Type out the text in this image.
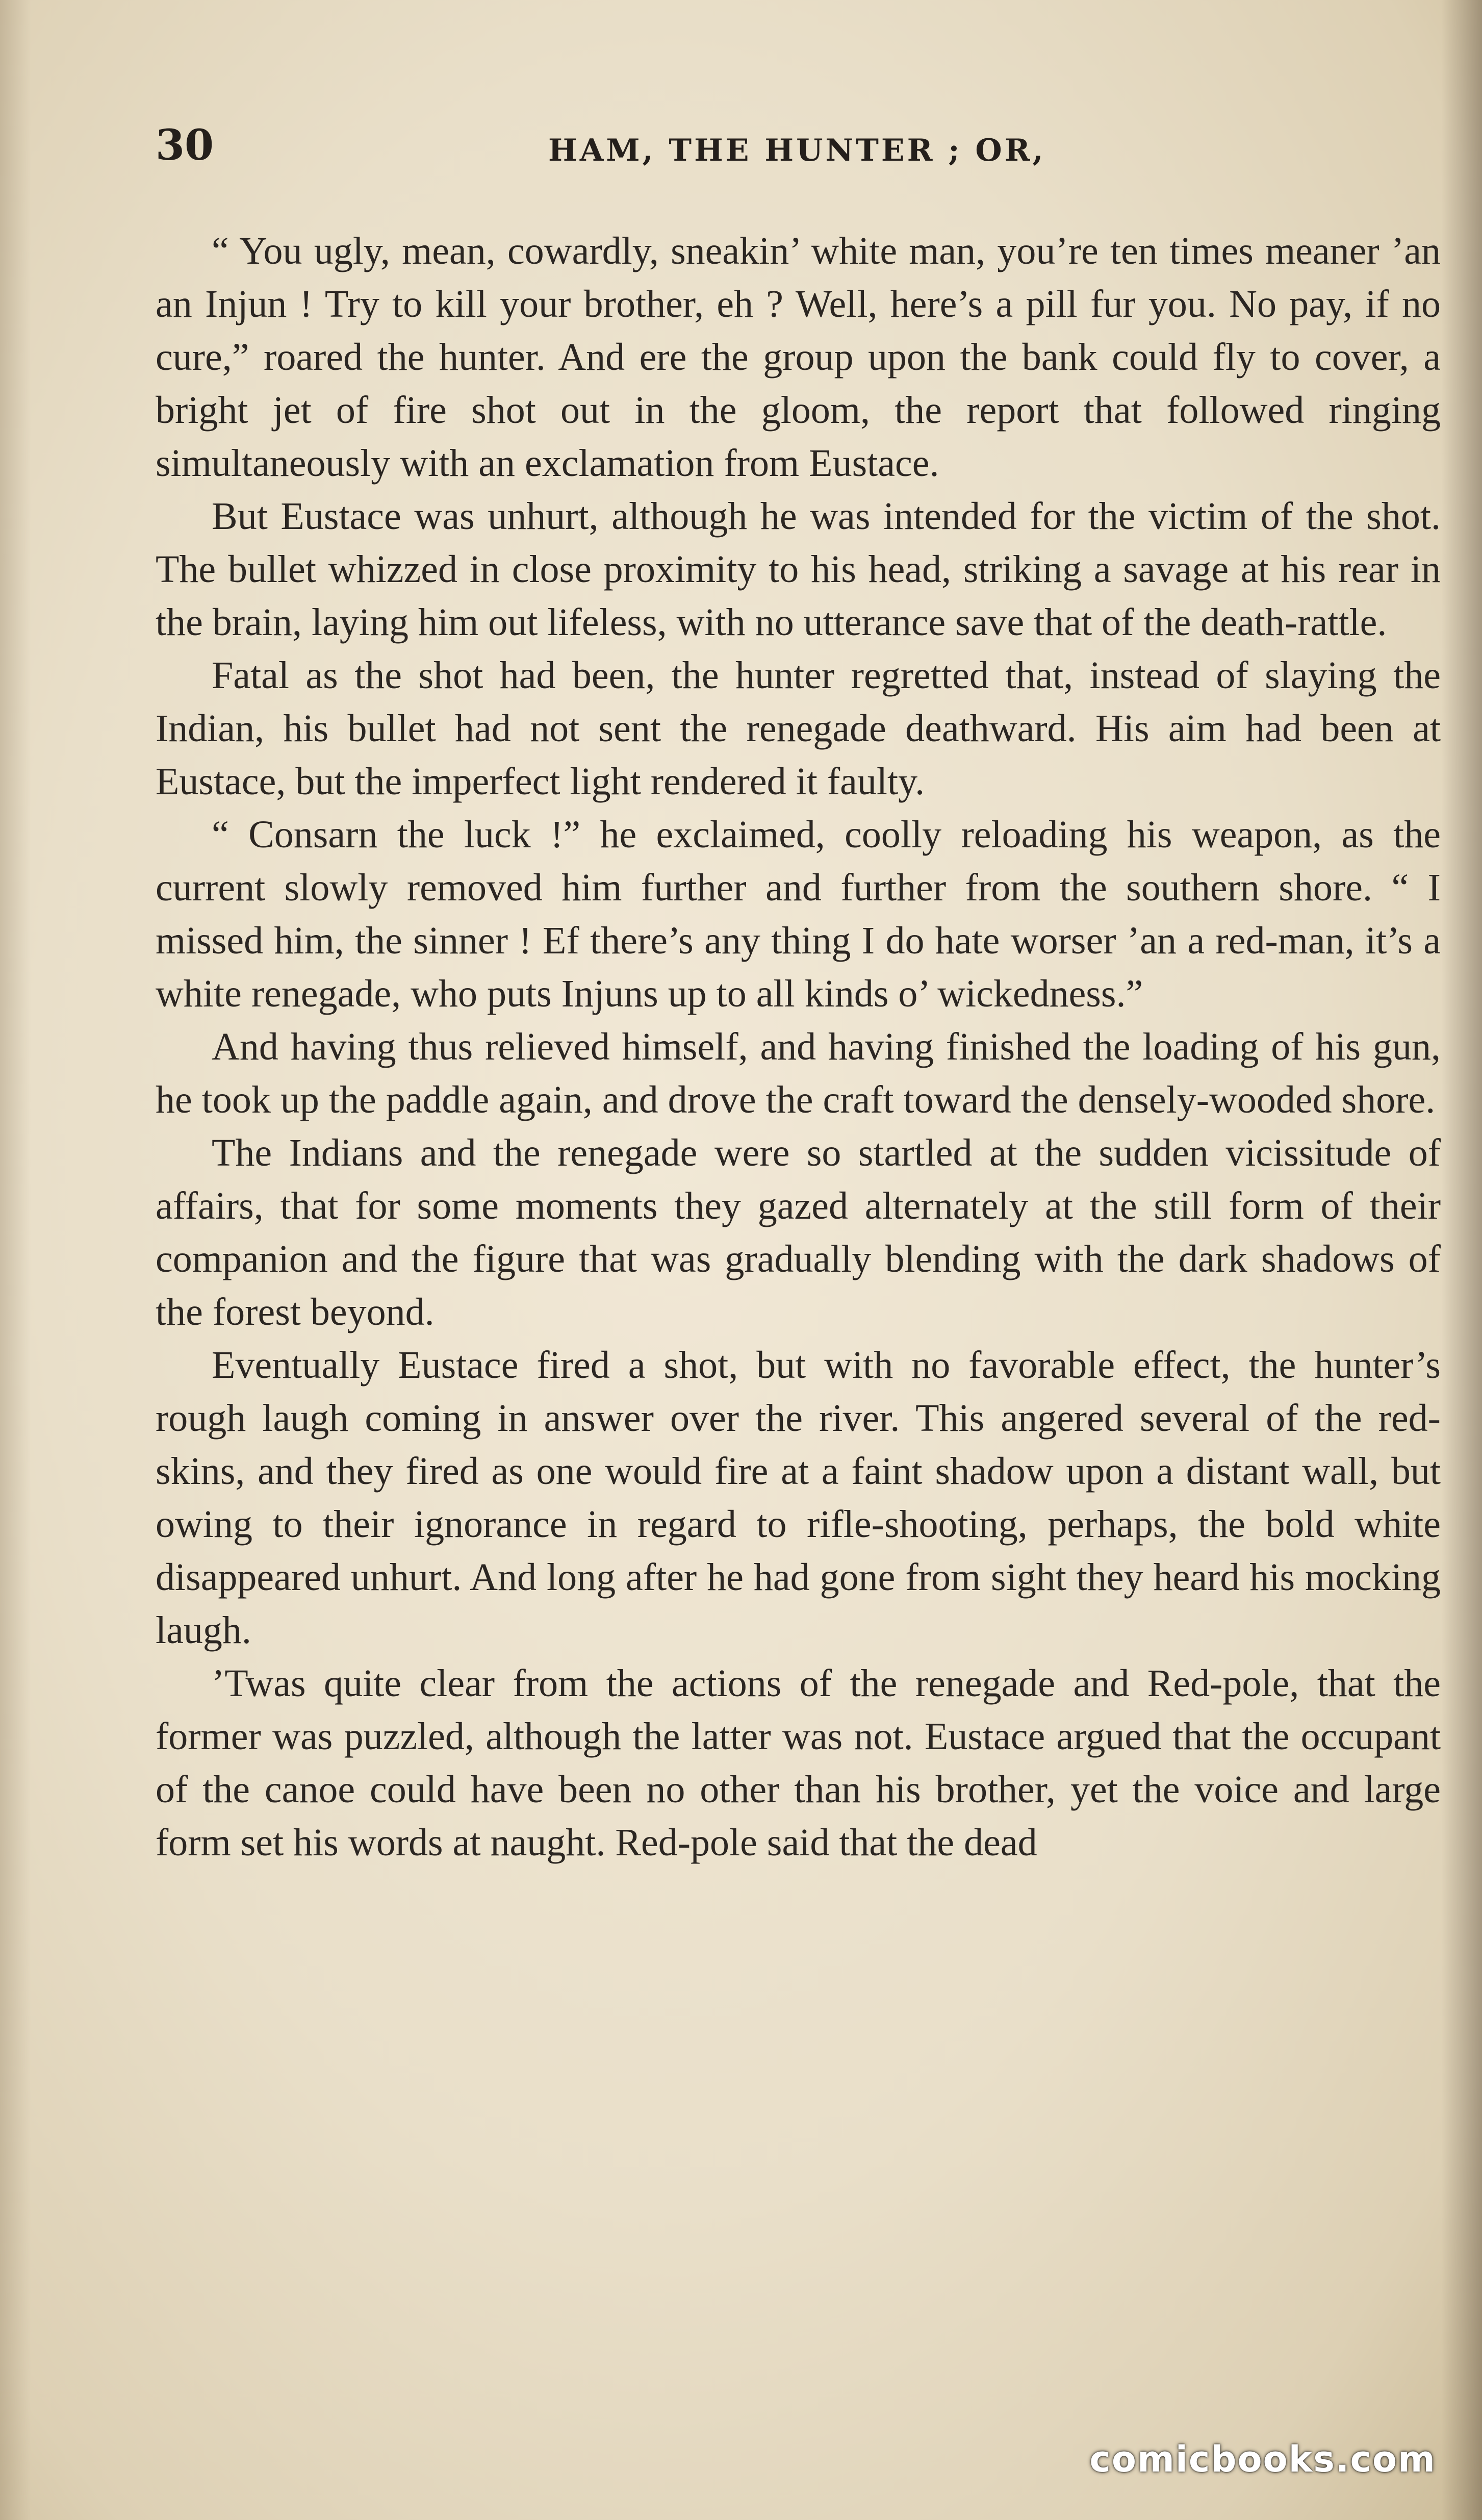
30	HAM, THE HUNTER ; OR,

“ You ugly, mean, cowardly, sneakin’ white man, you’re ten times meaner ’an an Injun ! Try to kill your brother, eh ? Well, here’s a pill fur you. No pay, if no cure,” roared the hunter. And ere the group upon the bank could fly to cover, a bright jet of fire shot out in the gloom, the report that followed ringing simultaneously with an exclamation from Eustace.

But Eustace was unhurt, although he was intended for the victim of the shot. The bullet whizzed in close proximity to his head, striking a savage at his rear in the brain, laying him out lifeless, with no utterance save that of the death-rattle.

Fatal as the shot had been, the hunter regretted that, instead of slaying the Indian, his bullet had not sent the renegade deathward. His aim had been at Eustace, but the imperfect light rendered it faulty.

“ Consarn the luck !” he exclaimed, coolly reloading his weapon, as the current slowly removed him further and further from the southern shore. “ I missed him, the sinner ! Ef there’s any thing I do hate worser ’an a red-man, it’s a white renegade, who puts Injuns up to all kinds o’ wickedness.”

And having thus relieved himself, and having finished the loading of his gun, he took up the paddle again, and drove the craft toward the densely-wooded shore.

The Indians and the renegade were so startled at the sudden vicissitude of affairs, that for some moments they gazed alternately at the still form of their companion and the figure that was gradually blending with the dark shadows of the forest beyond.

Eventually Eustace fired a shot, but with no favorable effect, the hunter’s rough laugh coming in answer over the river. This angered several of the red-skins, and they fired as one would fire at a faint shadow upon a distant wall, but owing to their ignorance in regard to rifle-shooting, perhaps, the bold white disappeared unhurt. And long after he had gone from sight they heard his mocking laugh.

’Twas quite clear from the actions of the renegade and Red-pole, that the former was puzzled, although the latter was not. Eustace argued that the occupant of the canoe could have been no other than his brother, yet the voice and large form set his words at naught. Red-pole said that the dead

comicbooks.com
